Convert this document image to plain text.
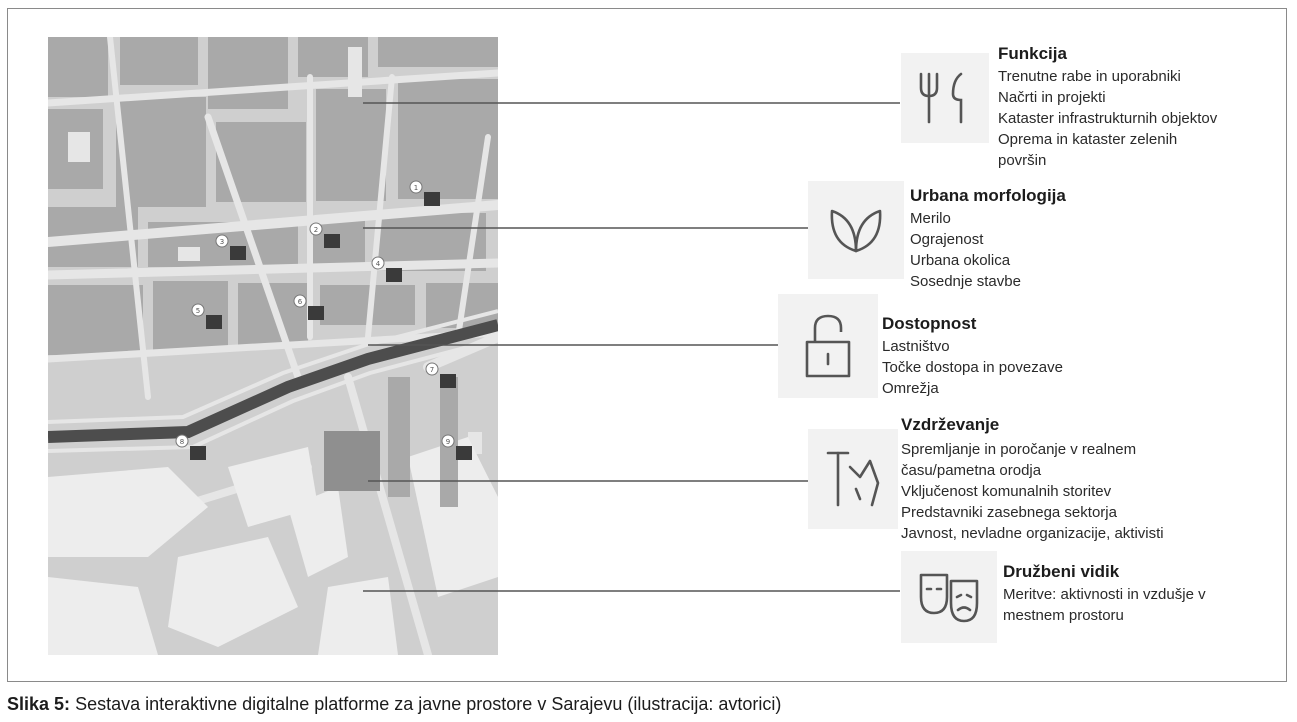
1
2
3
4
5
6
7
8	9
Funkcija
Trenutne rabe in uporabniki
Načrti in projekti
Kataster infrastrukturnih objektov
Oprema in kataster zelenih
površin
Urbana morfologija
Merilo
Ograjenost
Urbana okolica
Sosednje stavbe
Dostopnost
Lastništvo
Točke dostopa in povezave
Omrežja
Vzdrževanje
Spremljanje in poročanje v realnem
času/pametna orodja
Vključenost komunalnih storitev
Predstavniki zasebnega sektorja
Javnost, nevladne organizacije, aktivisti
Družbeni vidik
Meritve: aktivnosti in vzdušje v
mestnem prostoru
Slika 5: Sestava interaktivne digitalne platforme za javne prostore v Sarajevu (ilustracija: avtorici)
